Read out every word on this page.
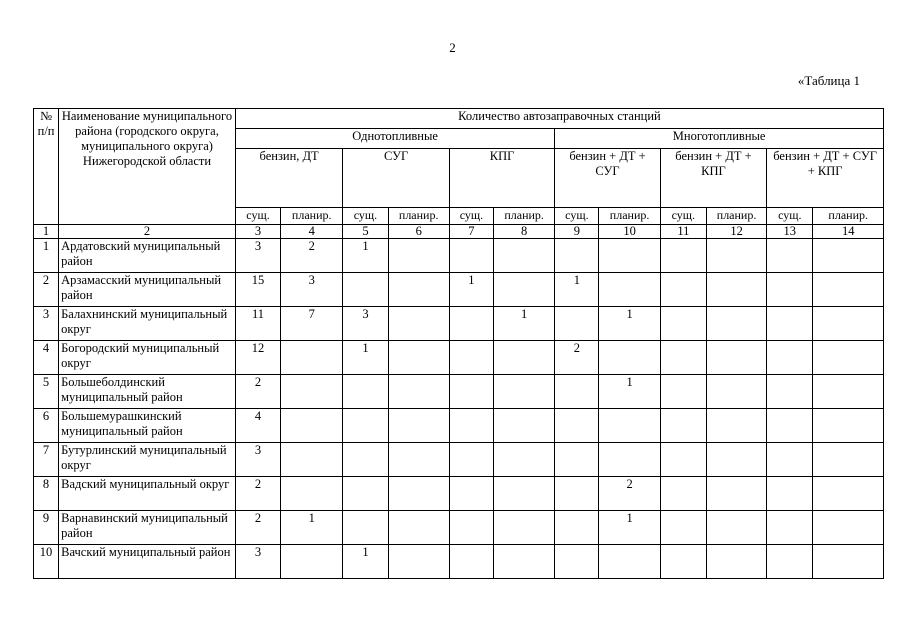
2
«Таблица 1
№ п/п	Наименование муниципального района (городского округа, муниципального округа) Нижегородской области	Количество автозаправочных станций											
		Однотопливные						Многотопливные					
		бензин, ДТ		СУГ		КПГ		бензин + ДТ + СУГ		бензин + ДТ + КПГ		бензин + ДТ + СУГ + КПГ	
		сущ.	планир.	сущ.	планир.	сущ.	планир.	сущ.	планир.	сущ.	планир.	сущ.	планир.
1	2	3	4	5	6	7	8	9	10	11	12	13	14
1	Ардатовский муниципальный район	3	2	1									
2	Арзамасский муниципальный район	15	3			1		1					
3	Балахнинский муниципальный округ	11	7	3			1		1				
4	Богородский муниципальный округ	12		1				2					
5	Большеболдинский муниципальный район	2							1				
6	Большемурашкинский муниципальный район	4											
7	Бутурлинский муниципальный округ	3											
8	Вадский муниципальный округ	2							2				
9	Варнавинский муниципальный район	2	1						1				
10	Вачский муниципальный район	3		1									
